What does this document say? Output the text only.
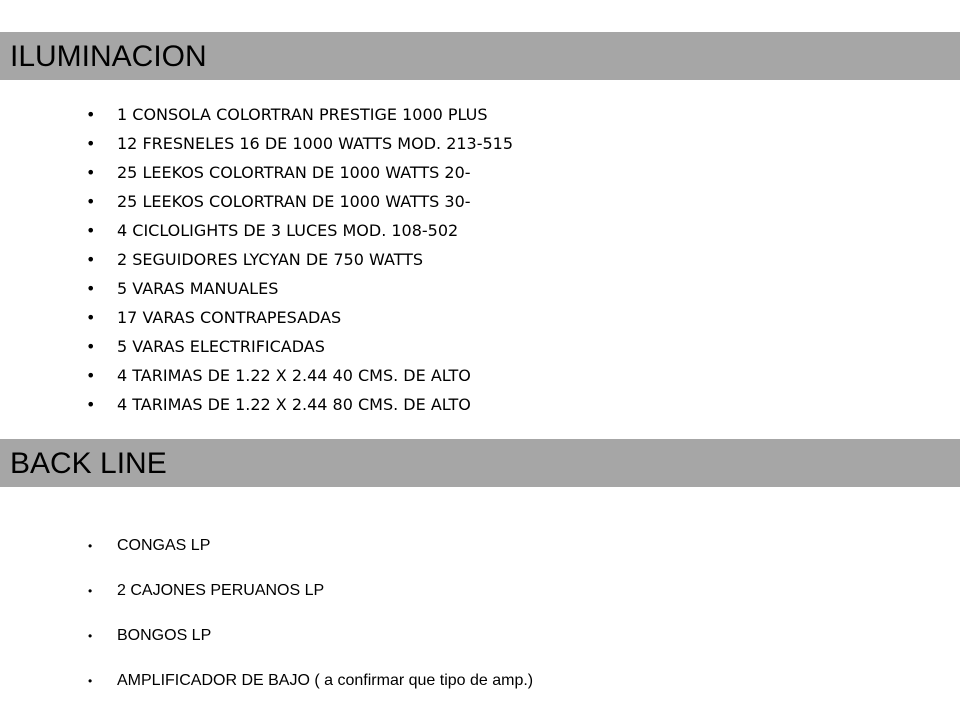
ILUMINACION
• 1 CONSOLA COLORTRAN PRESTIGE 1000 PLUS
• 12 FRESNELES 16 DE 1000 WATTS MOD. 213-515
• 25 LEEKOS COLORTRAN DE 1000 WATTS 20-
• 25 LEEKOS COLORTRAN DE 1000 WATTS 30-
• 4 CICLOLIGHTS DE 3 LUCES MOD. 108-502
• 2 SEGUIDORES LYCYAN DE 750 WATTS
• 5 VARAS MANUALES
• 17 VARAS CONTRAPESADAS
• 5 VARAS ELECTRIFICADAS
• 4 TARIMAS DE 1.22 X 2.44 40 CMS. DE ALTO
• 4 TARIMAS DE 1.22 X 2.44 80 CMS. DE ALTO
BACK LINE
• CONGAS LP
• 2 CAJONES PERUANOS LP
• BONGOS LP
• AMPLIFICADOR DE BAJO ( a confirmar que tipo de amp.)
